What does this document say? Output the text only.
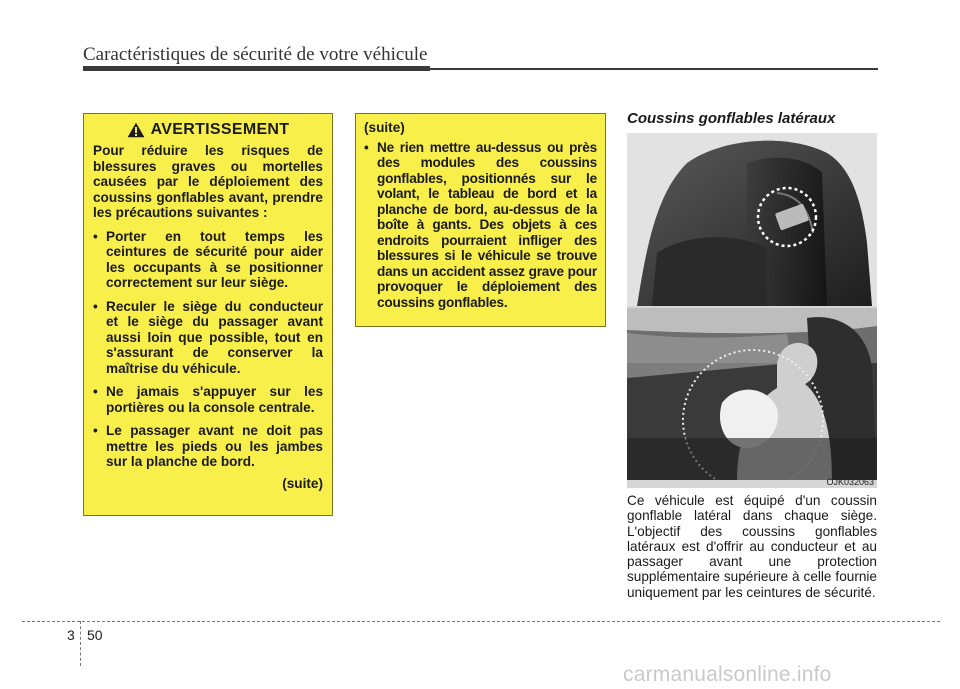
Caractéristiques de sécurité de votre véhicule
AVERTISSEMENT
Pour réduire les risques de blessures graves ou mortelles causées par le déploiement des coussins gonflables avant, prendre les précautions suivantes :
• Porter en tout temps les ceintures de sécurité pour aider les occupants à se positionner correctement sur leur siège.
• Reculer le siège du conducteur et le siège du passager avant aussi loin que possible, tout en s'assurant de conserver la maîtrise du véhicule.
• Ne jamais s'appuyer sur les portières ou la console centrale.
• Le passager avant ne doit pas mettre les pieds ou les jambes sur la planche de bord.
(suite)
(suite)
• Ne rien mettre au-dessus ou près des modules des coussins gonflables, positionnés sur le volant, le tableau de bord et la planche de bord, au-dessus de la boîte à gants. Des objets à ces endroits pourraient infliger des blessures si le véhicule se trouve dans un accident assez grave pour provoquer le déploiement des coussins gonflables.
Coussins gonflables latéraux
OJK032063
Ce véhicule est équipé d'un coussin gonflable latéral dans chaque siège. L'objectif des coussins gonflables latéraux est d'offrir au conducteur et au passager avant une protection supplémentaire supérieure à celle fournie uniquement par les ceintures de sécurité.
3 50
carmanualsonline.info
